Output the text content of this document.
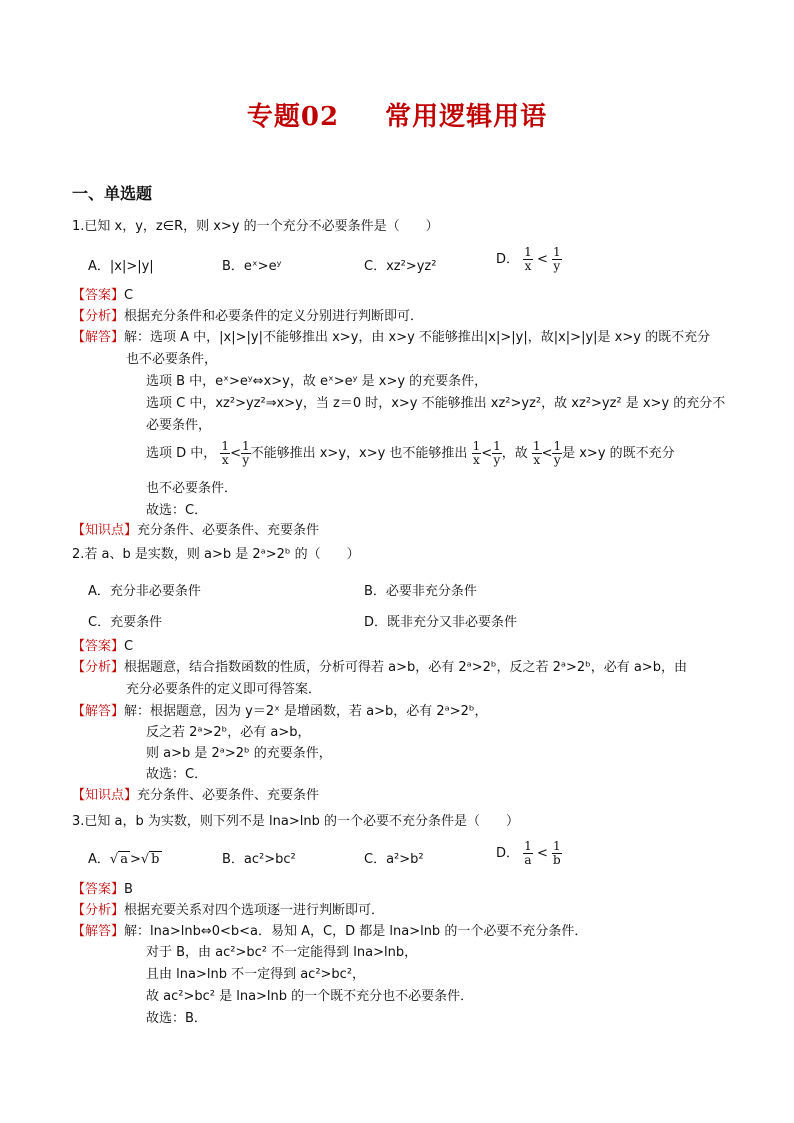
专题02 常用逻辑用语
一、单选题
1.已知 x，y，z∈R，则 x>y 的一个充分不必要条件是（　　）
A．|x|>|y|	B．eˣ>eʸ	C．xz²>yz²	D． $\frac{1}{x} < \frac{1}{y}$
【答案】C
【分析】根据充分条件和必要条件的定义分别进行判断即可．
【解答】解：选项 A 中，|x|>|y|不能够推出 x>y，由 x>y 不能够推出|x|>|y|，故|x|>|y|是 x>y 的既不充分
也不必要条件，
选项 B 中，eˣ>eʸ⇔x>y，故 eˣ>eʸ 是 x>y 的充要条件，
选项 C 中，xz²>yz²⇒x>y，当 z＝0 时，x>y 不能够推出 xz²>yz²，故 xz²>yz² 是 x>y 的充分不
必要条件，
选项 D 中， $\frac{1}{x} < \frac{1}{y}$ 不能够推出 x>y，x>y 也不能够推出 $\frac{1}{x} < \frac{1}{y}$ ，故 $\frac{1}{x} < \frac{1}{y}$ 是 x>y 的既不充分
也不必要条件．
故选：C．
【知识点】充分条件、必要条件、充要条件
2.若 a、b 是实数，则 a>b 是 2ᵃ>2ᵇ 的（　　）
A．充分非必要条件	B．必要非充分条件
C．充要条件	D．既非充分又非必要条件
【答案】C
【分析】根据题意，结合指数函数的性质，分析可得若 a>b，必有 2ᵃ>2ᵇ，反之若 2ᵃ>2ᵇ，必有 a>b，由
充分必要条件的定义即可得答案．
【解答】解：根据题意，因为 y＝2ˣ 是增函数，若 a>b，必有 2ᵃ>2ᵇ，
反之若 2ᵃ>2ᵇ，必有 a>b，
则 a>b 是 2ᵃ>2ᵇ 的充要条件，
故选：C．
【知识点】充分条件、必要条件、充要条件
3.已知 a，b 为实数，则下列不是 lna>lnb 的一个必要不充分条件是（　　）
A．√ a >√ b	B．ac²>bc²	C．a²>b²	D． $\frac{1}{a} < \frac{1}{b}$
【答案】B
【分析】根据充要关系对四个选项逐一进行判断即可．
【解答】解：lna>lnb⇔0<b<a．易知 A，C，D 都是 lna>lnb 的一个必要不充分条件．
对于 B，由 ac²>bc² 不一定能得到 lna>lnb，
且由 lna>lnb 不一定得到 ac²>bc²，
故 ac²>bc² 是 lna>lnb 的一个既不充分也不必要条件．
故选：B．
